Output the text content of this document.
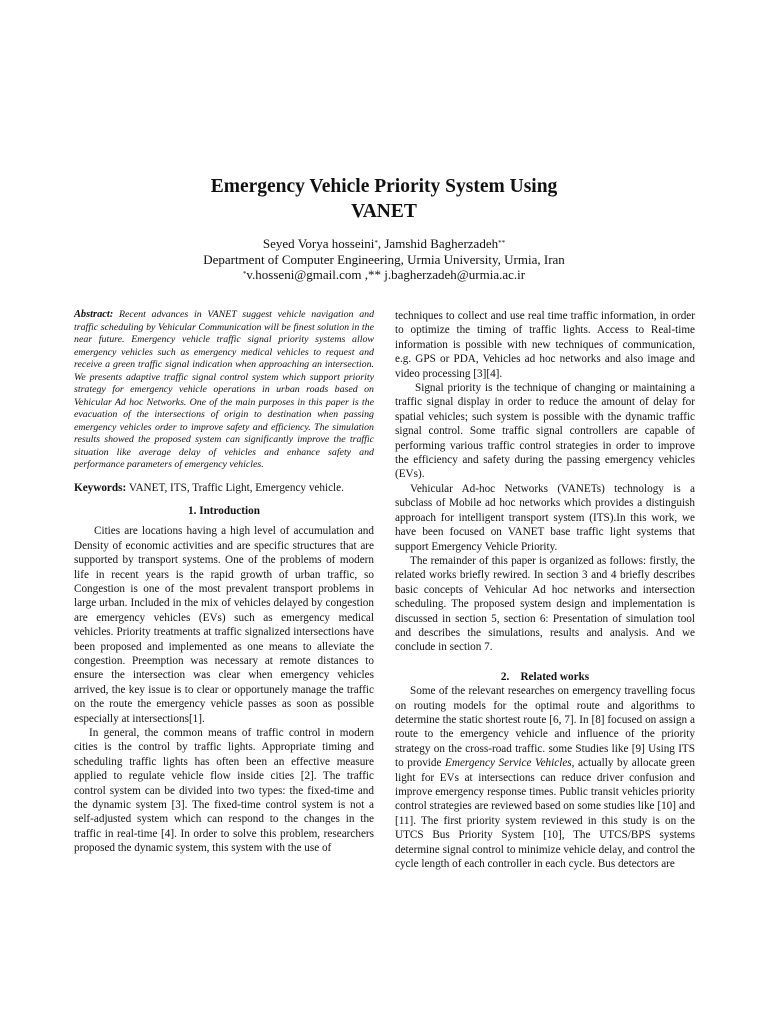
Emergency Vehicle Priority System Using
VANET
Seyed Vorya hosseini*, Jamshid Bagherzadeh**
Department of Computer Engineering, Urmia University, Urmia, Iran
*v.hosseni@gmail.com ,** j.bagherzadeh@urmia.ac.ir

Abstract: Recent advances in VANET suggest vehicle navigation and traffic scheduling by Vehicular Communication will be finest solution in the near future. Emergency vehicle traffic signal priority systems allow emergency vehicles such as emergency medical vehicles to request and receive a green traffic signal indication when approaching an intersection. We presents adaptive traffic signal control system which support priority strategy for emergency vehicle operations in urban roads based on Vehicular Ad hoc Networks. One of the main purposes in this paper is the evacuation of the intersections of origin to destination when passing emergency vehicles order to improve safety and efficiency. The simulation results showed the proposed system can significantly improve the traffic situation like average delay of vehicles and enhance safety and performance parameters of emergency vehicles.

Keywords: VANET, ITS, Traffic Light, Emergency vehicle.

1. Introduction

Cities are locations having a high level of accumulation and Density of economic activities and are specific structures that are supported by transport systems. One of the problems of modern life in recent years is the rapid growth of urban traffic, so Congestion is one of the most prevalent transport problems in large urban. Included in the mix of vehicles delayed by congestion are emergency vehicles (EVs) such as emergency medical vehicles. Priority treatments at traffic signalized intersections have been proposed and implemented as one means to alleviate the congestion. Preemption was necessary at remote distances to ensure the intersection was clear when emergency vehicles arrived, the key issue is to clear or opportunely manage the traffic on the route the emergency vehicle passes as soon as possible especially at intersections[1].

In general, the common means of traffic control in modern cities is the control by traffic lights. Appropriate timing and scheduling traffic lights has often been an effective measure applied to regulate vehicle flow inside cities [2]. The traffic control system can be divided into two types: the fixed-time and the dynamic system [3]. The fixed-time control system is not a self-adjusted system which can respond to the changes in the traffic in real-time [4]. In order to solve this problem, researchers proposed the dynamic system, this system with the use of

techniques to collect and use real time traffic information, in order to optimize the timing of traffic lights. Access to Real-time information is possible with new techniques of communication, e.g. GPS or PDA, Vehicles ad hoc networks and also image and video processing [3][4].

Signal priority is the technique of changing or maintaining a traffic signal display in order to reduce the amount of delay for spatial vehicles; such system is possible with the dynamic traffic signal control. Some traffic signal controllers are capable of performing various traffic control strategies in order to improve the efficiency and safety during the passing emergency vehicles (EVs).

Vehicular Ad-hoc Networks (VANETs) technology is a subclass of Mobile ad hoc networks which provides a distinguish approach for intelligent transport system (ITS).In this work, we have been focused on VANET base traffic light systems that support Emergency Vehicle Priority.

The remainder of this paper is organized as follows: firstly, the related works briefly rewired. In section 3 and 4 briefly describes basic concepts of Vehicular Ad hoc networks and intersection scheduling. The proposed system design and implementation is discussed in section 5, section 6: Presentation of simulation tool and describes the simulations, results and analysis. And we conclude in section 7.

2.    Related works

Some of the relevant researches on emergency travelling focus on routing models for the optimal route and algorithms to determine the static shortest route [6, 7]. In [8] focused on assign a route to the emergency vehicle and influence of the priority strategy on the cross-road traffic. some Studies like [9] Using ITS to provide Emergency Service Vehicles, actually by allocate green light for EVs at intersections can reduce driver confusion and improve emergency response times. Public transit vehicles priority control strategies are reviewed based on some studies like [10] and [11]. The first priority system reviewed in this study is on the UTCS Bus Priority System [10], The UTCS/BPS systems determine signal control to minimize vehicle delay, and control the cycle length of each controller in each cycle. Bus detectors are
